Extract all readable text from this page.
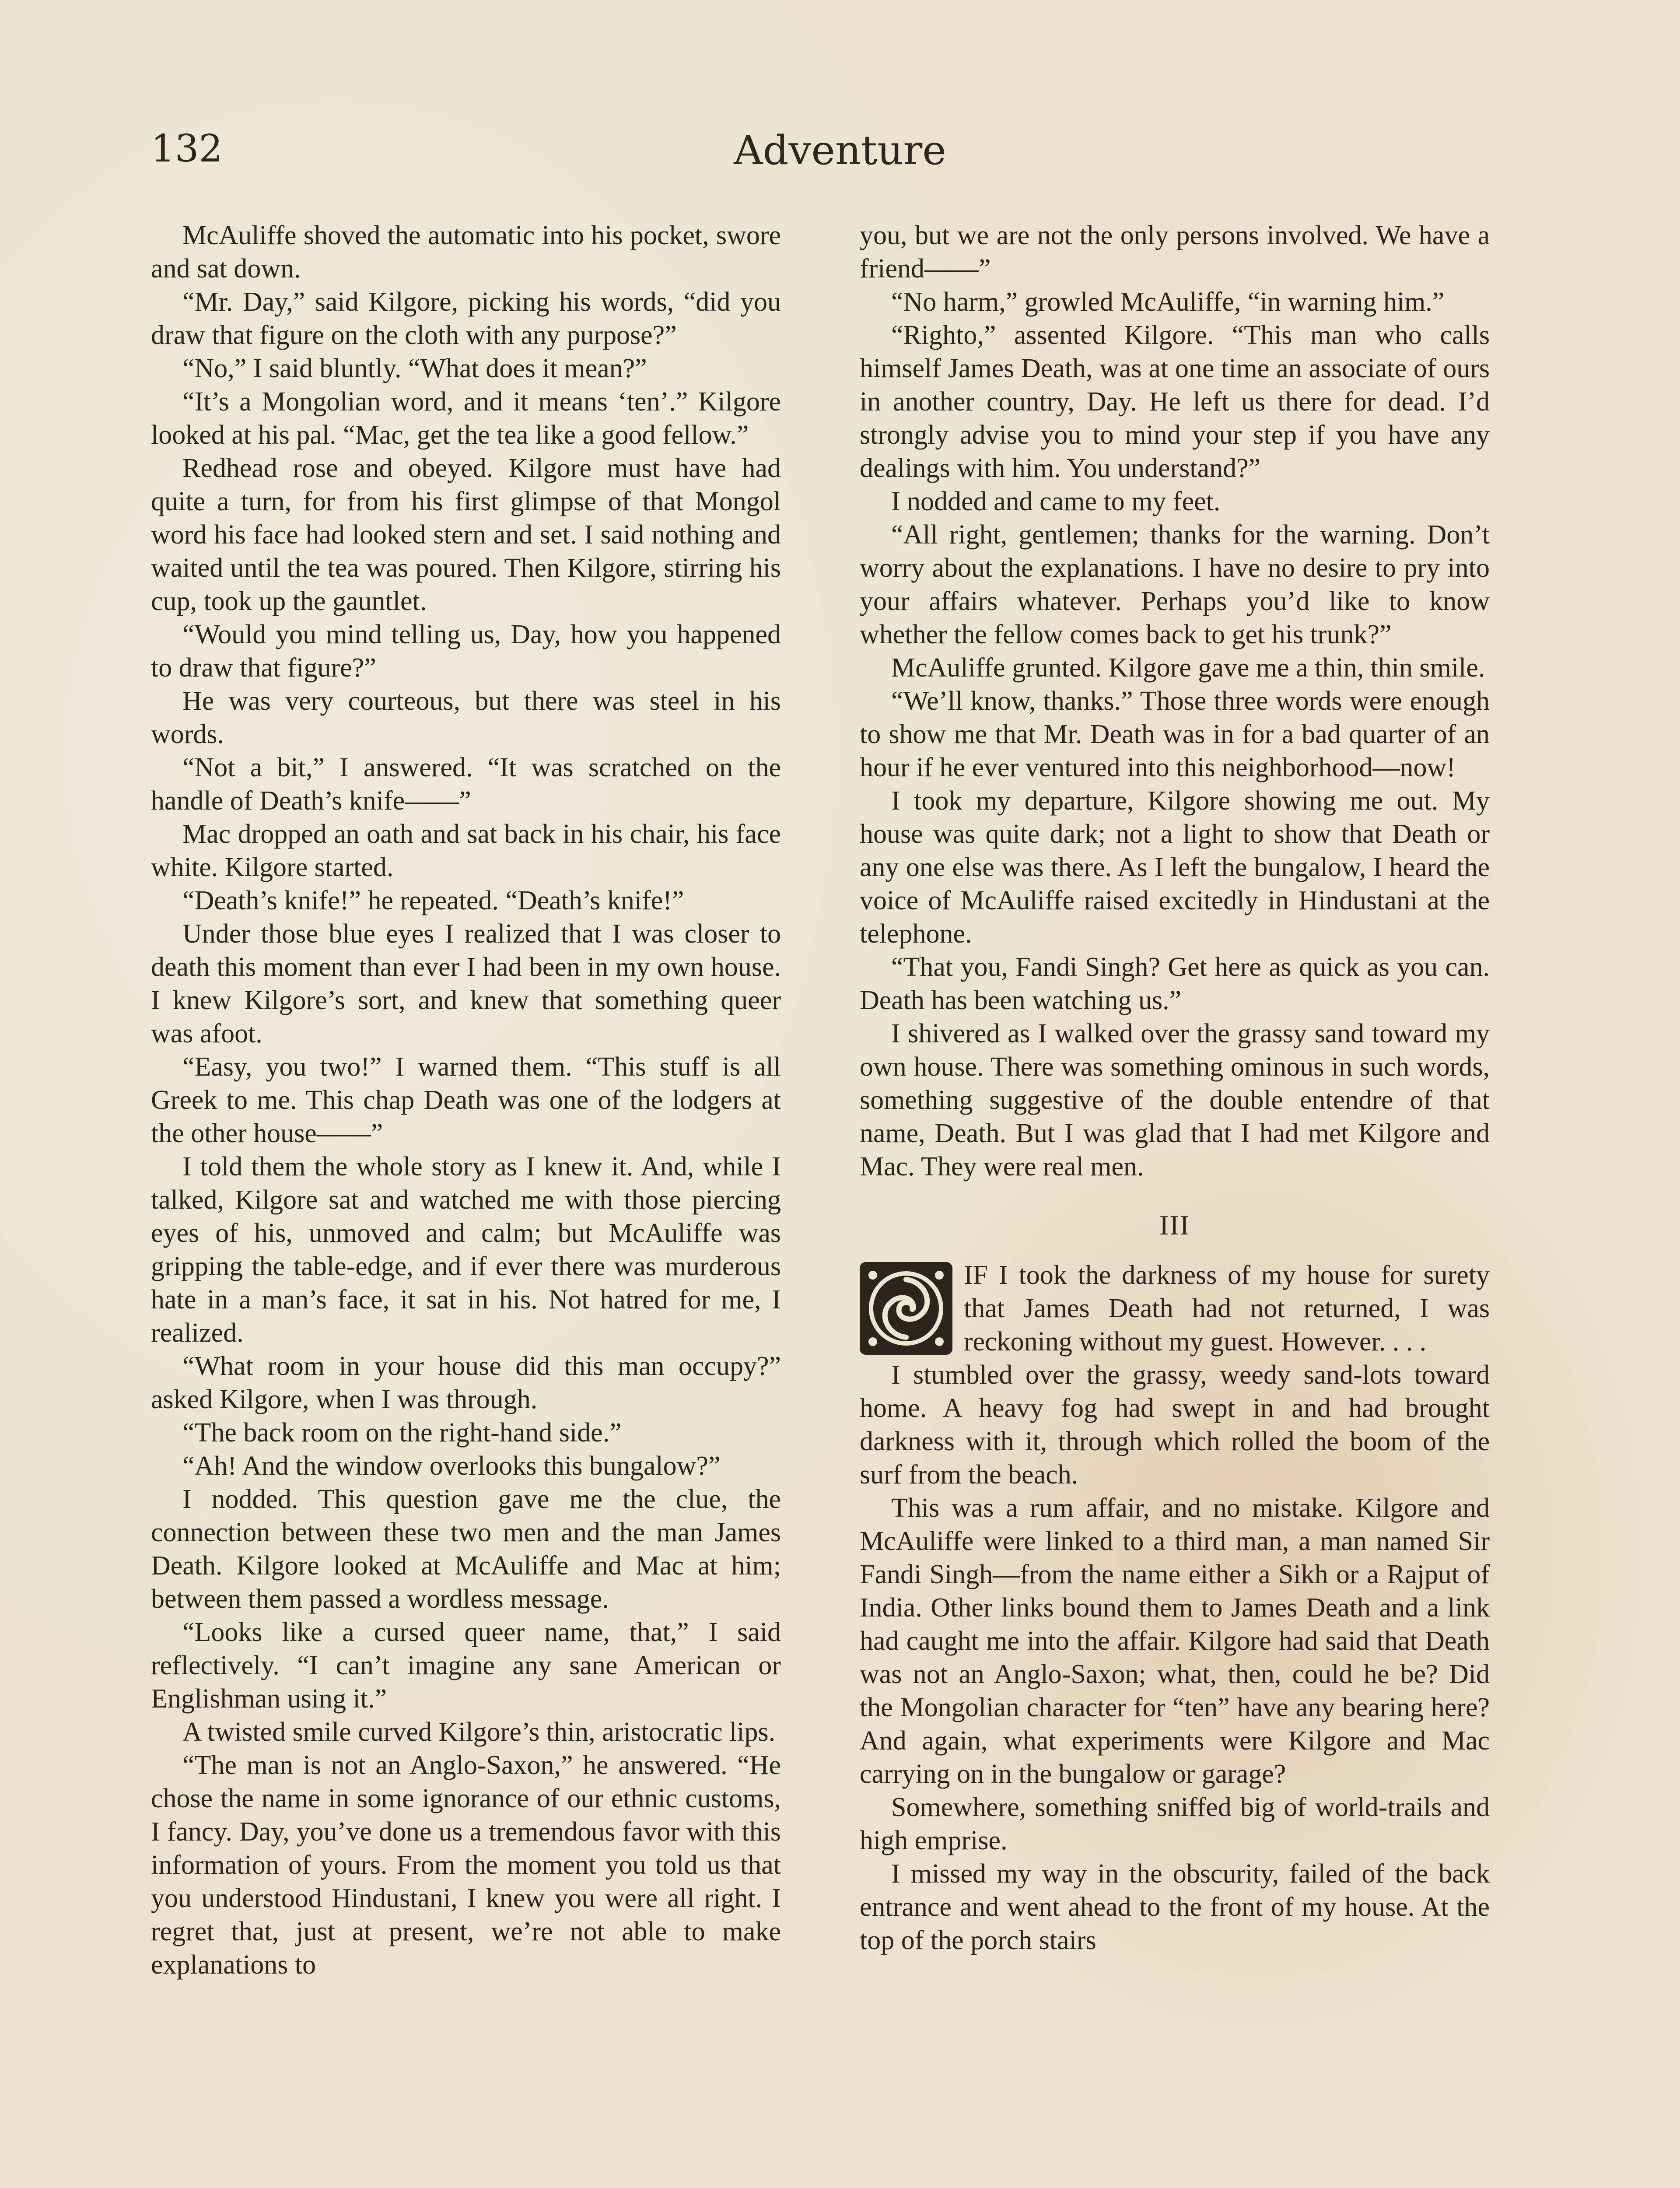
132	Adventure

McAuliffe shoved the automatic into his pocket, swore and sat down.

“Mr. Day,” said Kilgore, picking his words, “did you draw that figure on the cloth with any purpose?”

“No,” I said bluntly. “What does it mean?”

“It’s a Mongolian word, and it means ‘ten’.” Kilgore looked at his pal. “Mac, get the tea like a good fellow.”

Redhead rose and obeyed. Kilgore must have had quite a turn, for from his first glimpse of that Mongol word his face had looked stern and set. I said nothing and waited until the tea was poured. Then Kilgore, stirring his cup, took up the gauntlet.

“Would you mind telling us, Day, how you happened to draw that figure?”

He was very courteous, but there was steel in his words.

“Not a bit,” I answered. “It was scratched on the handle of Death’s knife——”

Mac dropped an oath and sat back in his chair, his face white. Kilgore started.

“Death’s knife!” he repeated. “Death’s knife!”

Under those blue eyes I realized that I was closer to death this moment than ever I had been in my own house. I knew Kilgore’s sort, and knew that something queer was afoot.

“Easy, you two!” I warned them. “This stuff is all Greek to me. This chap Death was one of the lodgers at the other house——”

I told them the whole story as I knew it. And, while I talked, Kilgore sat and watched me with those piercing eyes of his, unmoved and calm; but McAuliffe was gripping the table-edge, and if ever there was murderous hate in a man’s face, it sat in his. Not hatred for me, I realized.

“What room in your house did this man occupy?” asked Kilgore, when I was through.

“The back room on the right-hand side.”

“Ah! And the window overlooks this bungalow?”

I nodded. This question gave me the clue, the connection between these two men and the man James Death. Kilgore looked at McAuliffe and Mac at him; between them passed a wordless message.

“Looks like a cursed queer name, that,” I said reflectively. “I can’t imagine any sane American or Englishman using it.”

A twisted smile curved Kilgore’s thin, aristocratic lips.

“The man is not an Anglo-Saxon,” he answered. “He chose the name in some ignorance of our ethnic customs, I fancy. Day, you’ve done us a tremendous favor with this information of yours. From the moment you told us that you understood Hindustani, I knew you were all right. I regret that, just at present, we’re not able to make explanations to

you, but we are not the only persons involved. We have a friend——”

“No harm,” growled McAuliffe, “in warning him.”

“Righto,” assented Kilgore. “This man who calls himself James Death, was at one time an associate of ours in another country, Day. He left us there for dead. I’d strongly advise you to mind your step if you have any dealings with him. You understand?”

I nodded and came to my feet.

“All right, gentlemen; thanks for the warning. Don’t worry about the explanations. I have no desire to pry into your affairs whatever. Perhaps you’d like to know whether the fellow comes back to get his trunk?”

McAuliffe grunted. Kilgore gave me a thin, thin smile.

“We’ll know, thanks.” Those three words were enough to show me that Mr. Death was in for a bad quarter of an hour if he ever ventured into this neighborhood—now!

I took my departure, Kilgore showing me out. My house was quite dark; not a light to show that Death or any one else was there. As I left the bungalow, I heard the voice of McAuliffe raised excitedly in Hindustani at the telephone.

“That you, Fandi Singh? Get here as quick as you can. Death has been watching us.”

I shivered as I walked over the grassy sand toward my own house. There was something ominous in such words, something suggestive of the double entendre of that name, Death. But I was glad that I had met Kilgore and Mac. They were real men.

III

IF I took the darkness of my house for surety that James Death had not returned, I was reckoning without my guest. However. . . .

I stumbled over the grassy, weedy sand-lots toward home. A heavy fog had swept in and had brought darkness with it, through which rolled the boom of the surf from the beach.

This was a rum affair, and no mistake. Kilgore and McAuliffe were linked to a third man, a man named Sir Fandi Singh—from the name either a Sikh or a Rajput of India. Other links bound them to James Death and a link had caught me into the affair. Kilgore had said that Death was not an Anglo-Saxon; what, then, could he be? Did the Mongolian character for “ten” have any bearing here? And again, what experiments were Kilgore and Mac carrying on in the bungalow or garage?

Somewhere, something sniffed big of world-trails and high emprise.

I missed my way in the obscurity, failed of the back entrance and went ahead to the front of my house. At the top of the porch stairs
